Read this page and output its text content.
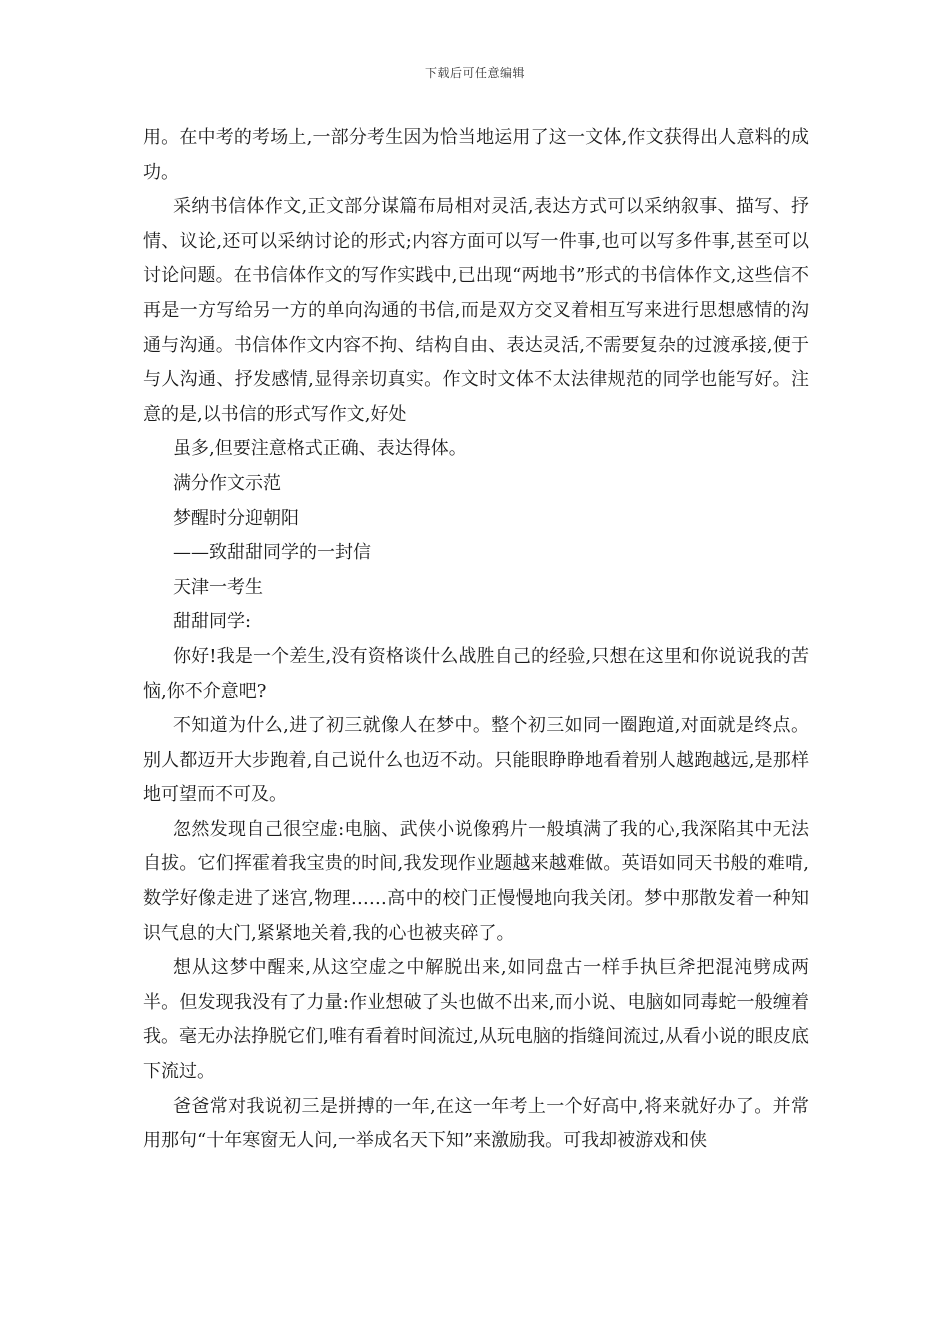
下载后可任意编辑

用。在中考的考场上,一部分考生因为恰当地运用了这一文体,作文获得出人意料的成功。

采纳书信体作文,正文部分谋篇布局相对灵活,表达方式可以采纳叙事、描写、抒情、议论,还可以采纳讨论的形式;内容方面可以写一件事,也可以写多件事,甚至可以讨论问题。在书信体作文的写作实践中,已出现“两地书”形式的书信体作文,这些信不再是一方写给另一方的单向沟通的书信,而是双方交叉着相互写来进行思想感情的沟通与沟通。书信体作文内容不拘、结构自由、表达灵活,不需要复杂的过渡承接,便于与人沟通、抒发感情,显得亲切真实。作文时文体不太法律规范的同学也能写好。注意的是,以书信的形式写作文,好处

虽多,但要注意格式正确、表达得体。

满分作文示范

梦醒时分迎朝阳

——致甜甜同学的一封信

天津一考生

甜甜同学:

你好!我是一个差生,没有资格谈什么战胜自己的经验,只想在这里和你说说我的苦恼,你不介意吧?

不知道为什么,进了初三就像人在梦中。整个初三如同一圈跑道,对面就是终点。别人都迈开大步跑着,自己说什么也迈不动。只能眼睁睁地看着别人越跑越远,是那样地可望而不可及。

忽然发现自己很空虚:电脑、武侠小说像鸦片一般填满了我的心,我深陷其中无法自拔。它们挥霍着我宝贵的时间,我发现作业题越来越难做。英语如同天书般的难啃,数学好像走进了迷宫,物理……高中的校门正慢慢地向我关闭。梦中那散发着一种知识气息的大门,紧紧地关着,我的心也被夹碎了。

想从这梦中醒来,从这空虚之中解脱出来,如同盘古一样手执巨斧把混沌劈成两半。但发现我没有了力量:作业想破了头也做不出来,而小说、电脑如同毒蛇一般缠着我。毫无办法挣脱它们,唯有看着时间流过,从玩电脑的指缝间流过,从看小说的眼皮底下流过。

爸爸常对我说初三是拼搏的一年,在这一年考上一个好高中,将来就好办了。并常用那句“十年寒窗无人问,一举成名天下知”来激励我。可我却被游戏和侠
